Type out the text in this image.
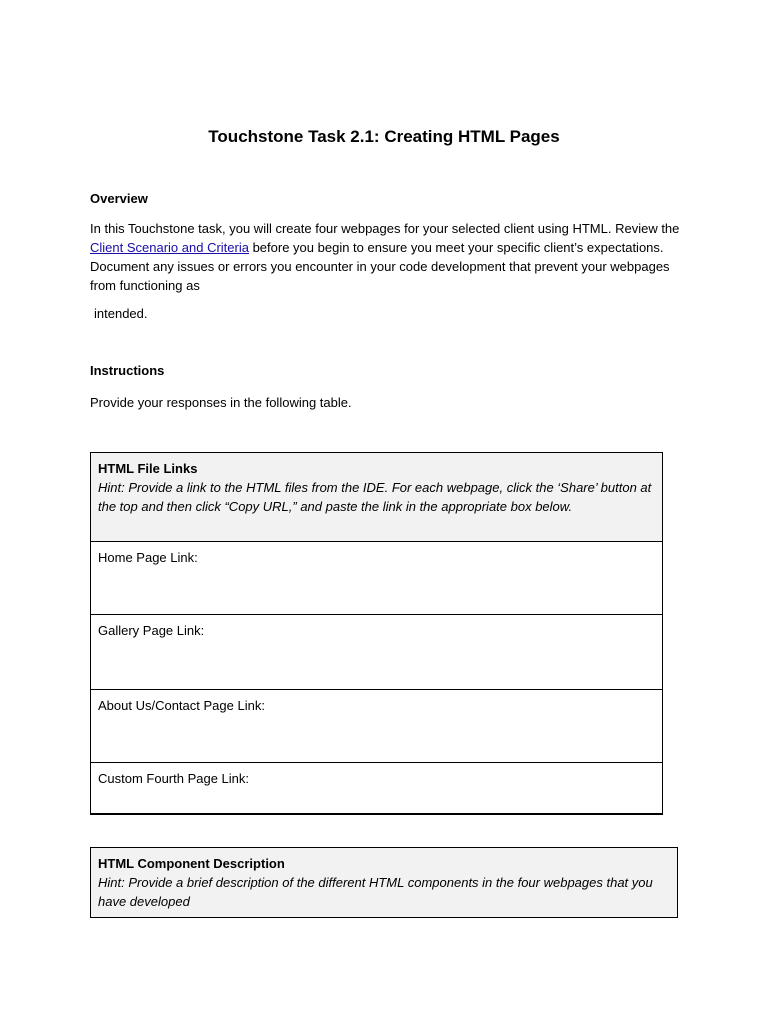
Touchstone Task 2.1: Creating HTML Pages
Overview
In this Touchstone task, you will create four webpages for your selected client using HTML. Review the Client Scenario and Criteria before you begin to ensure you meet your specific client’s expectations. Document any issues or errors you encounter in your code development that prevent your webpages from functioning as
intended.
Instructions
Provide your responses in the following table.
HTML File Links
Hint: Provide a link to the HTML files from the IDE. For each webpage, click the ‘Share’ button at the top and then click “Copy URL,” and paste the link in the appropriate box below.

Home Page Link:
Gallery Page Link:
About Us/Contact Page Link:
Custom Fourth Page Link:
HTML Component Description
Hint: Provide a brief description of the different HTML components in the four webpages that you have developed
